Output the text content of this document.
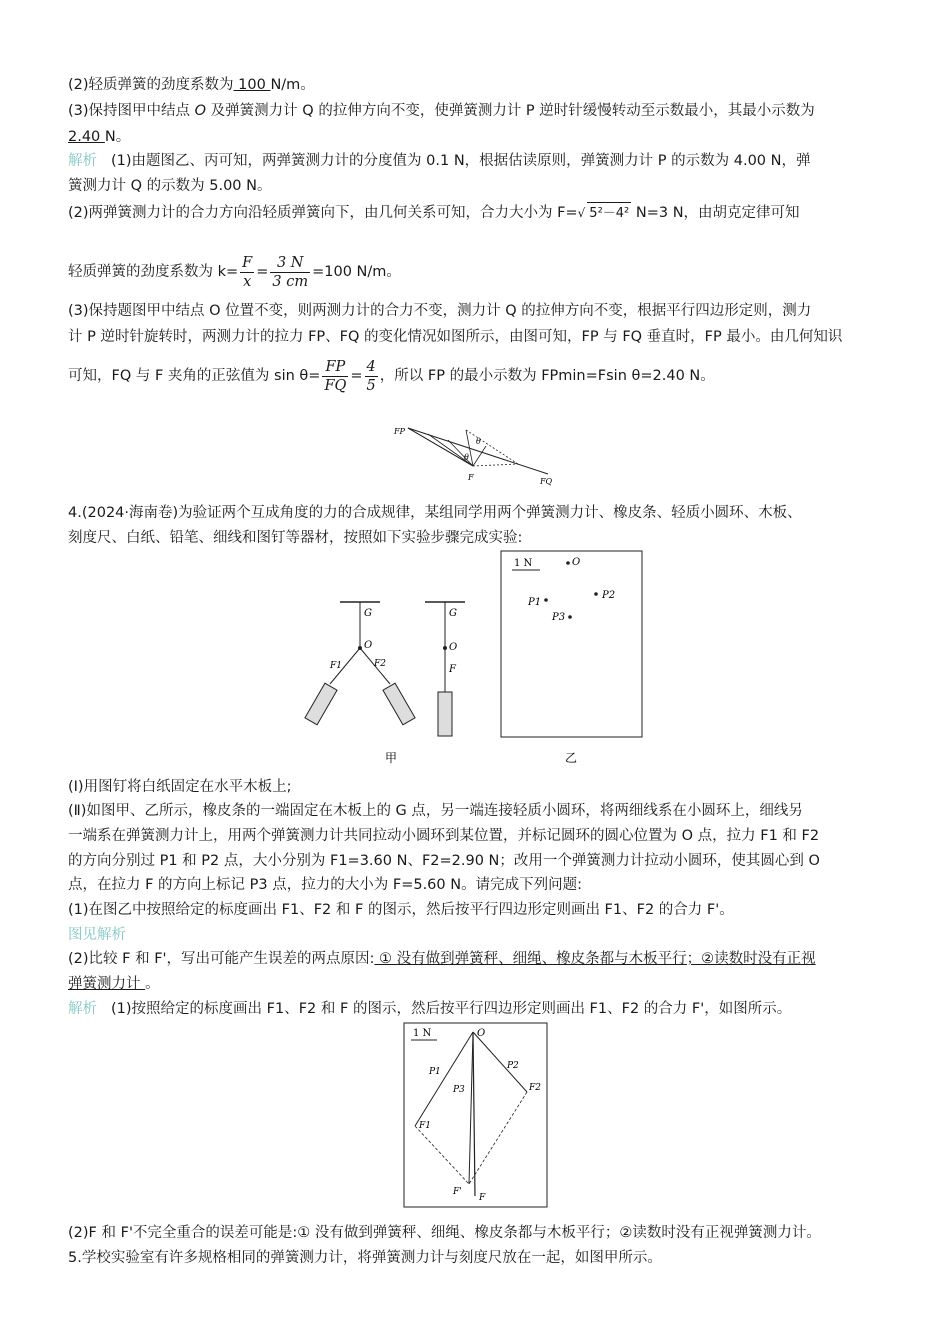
(2)轻质弹簧的劲度系数为 100 N/m。
(3)保持图甲中结点 O 及弹簧测力计 Q 的拉伸方向不变，使弹簧测力计 P 逆时针缓慢转动至示数最小，其最小示数为
2.40 N。
解析 (1)由题图乙、丙可知，两弹簧测力计的分度值为 0.1 N，根据估读原则，弹簧测力计 P 的示数为 4.00 N，弹
簧测力计 Q 的示数为 5.00 N。
(2)两弹簧测力计的合力方向沿轻质弹簧向下，由几何关系可知，合力大小为 F=√ 5²－4² N=3 N，由胡克定律可知
轻质弹簧的劲度系数为 $k= \frac{F}{x} = \frac{3 N}{3 cm} =100$ N/m。
(3)保持题图甲中结点 O 位置不变，则两测力计的合力不变，测力计 Q 的拉伸方向不变，根据平行四边形定则，测力
计 P 逆时针旋转时，两测力计的拉力 FP、FQ 的变化情况如图所示，由图可知，FP 与 FQ 垂直时，FP 最小。由几何知识
可知，FQ 与 F 夹角的正弦值为 $\sin \theta= \frac{FP}{FQ} = \frac{4}{5}$ ，所以 FP 的最小示数为 FPmin=Fsin θ=2.40 N。
FP
FQ
F
θ
θ
4.(2024·海南卷)为验证两个互成角度的力的合成规律，某组同学用两个弹簧测力计、橡皮条、轻质小圆环、木板、
刻度尺、白纸、铅笔、细线和图钉等器材，按照如下实验步骤完成实验:
G
O
F1	F2
G
O
F
甲
1 N	O
P1
P2
P3
乙
(Ⅰ)用图钉将白纸固定在水平木板上;
(Ⅱ)如图甲、乙所示，橡皮条的一端固定在木板上的 G 点，另一端连接轻质小圆环，将两细线系在小圆环上，细线另
一端系在弹簧测力计上，用两个弹簧测力计共同拉动小圆环到某位置，并标记圆环的圆心位置为 O 点，拉力 F1 和 F2
的方向分别过 P1 和 P2 点，大小分别为 F1=3.60 N、F2=2.90 N；改用一个弹簧测力计拉动小圆环，使其圆心到 O
点，在拉力 F 的方向上标记 P3 点，拉力的大小为 F=5.60 N。请完成下列问题:
(1)在图乙中按照给定的标度画出 F1、F2 和 F 的图示，然后按平行四边形定则画出 F1、F2 的合力 F'。
图见解析
(2)比较 F 和 F'，写出可能产生误差的两点原因: ① 没有做到弹簧秤、细绳、橡皮条都与木板平行；②读数时没有正视
弹簧测力计 。
解析 (1)按照给定的标度画出 F1、F2 和 F 的图示，然后按平行四边形定则画出 F1、F2 的合力 F'，如图所示。
1 N	O
P1
P2
P3
F1
F2
F'
F
(2)F 和 F'不完全重合的误差可能是:① 没有做到弹簧秤、细绳、橡皮条都与木板平行；②读数时没有正视弹簧测力计。
5.学校实验室有许多规格相同的弹簧测力计，将弹簧测力计与刻度尺放在一起，如图甲所示。
